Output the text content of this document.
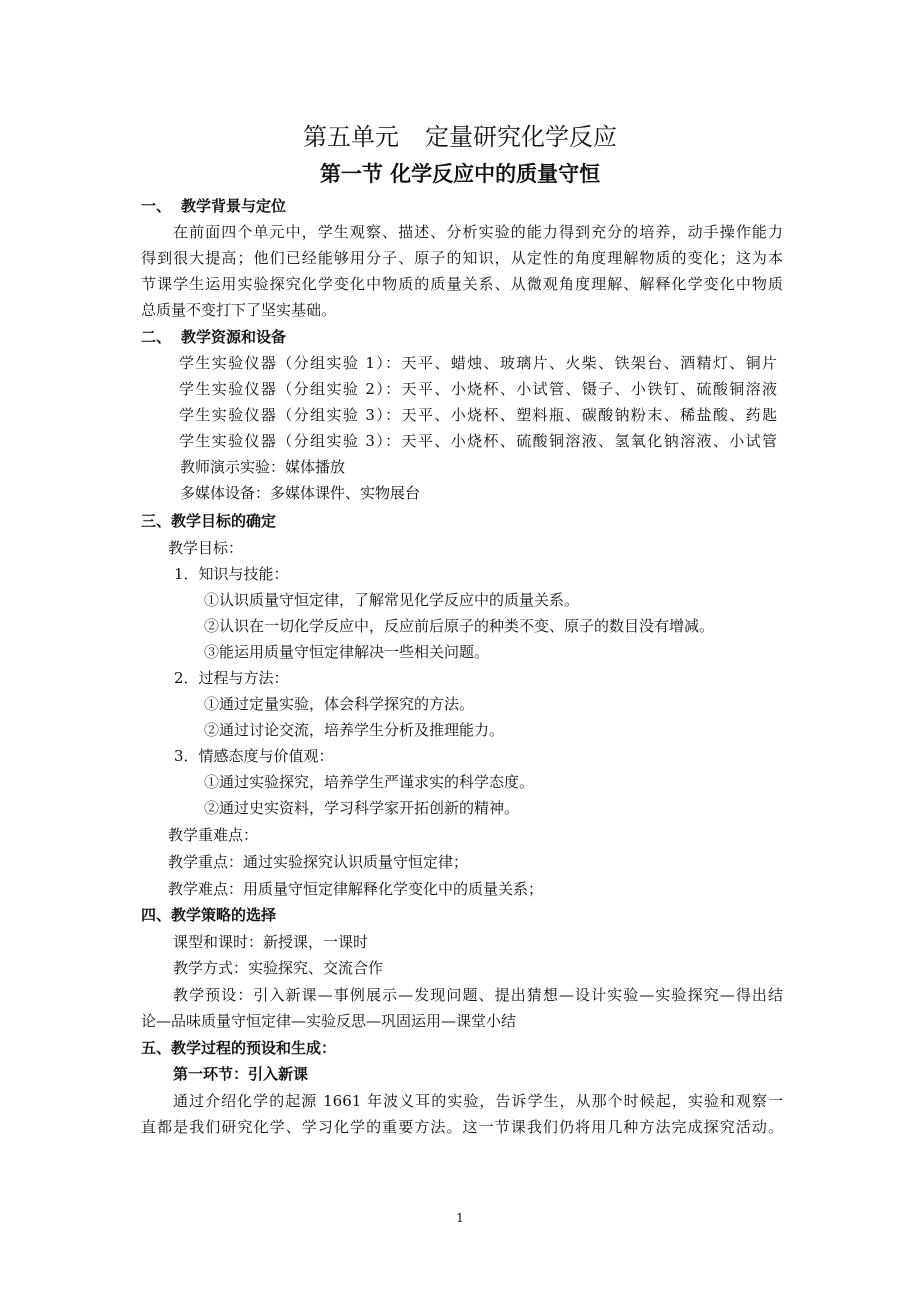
第五单元 定量研究化学反应
第一节 化学反应中的质量守恒
一、 教学背景与定位
在前面四个单元中，学生观察、描述、分析实验的能力得到充分的培养，动手操作能力
得到很大提高；他们已经能够用分子、原子的知识，从定性的角度理解物质的变化；这为本
节课学生运用实验探究化学变化中物质的质量关系、从微观角度理解、解释化学变化中物质
总质量不变打下了坚实基础。
二、 教学资源和设备
学生实验仪器（分组实验 1）：天平、蜡烛、玻璃片、火柴、铁架台、酒精灯、铜片
学生实验仪器（分组实验 2）：天平、小烧杯、小试管、镊子、小铁钉、硫酸铜溶液
学生实验仪器（分组实验 3）：天平、小烧杯、塑料瓶、碳酸钠粉末、稀盐酸、药匙
学生实验仪器（分组实验 3）：天平、小烧杯、硫酸铜溶液、氢氧化钠溶液、小试管
教师演示实验：媒体播放
多媒体设备：多媒体课件、实物展台
三、教学目标的确定
教学目标：
1．知识与技能：
①认识质量守恒定律，了解常见化学反应中的质量关系。
②认识在一切化学反应中，反应前后原子的种类不变、原子的数目没有增减。
③能运用质量守恒定律解决一些相关问题。
2．过程与方法：
①通过定量实验，体会科学探究的方法。
②通过讨论交流，培养学生分析及推理能力。
3．情感态度与价值观：
①通过实验探究，培养学生严谨求实的科学态度。
②通过史实资料，学习科学家开拓创新的精神。
教学重难点：
教学重点：通过实验探究认识质量守恒定律；
教学难点：用质量守恒定律解释化学变化中的质量关系；
四、教学策略的选择
课型和课时：新授课，一课时
教学方式：实验探究、交流合作
教学预设：引入新课—事例展示—发现问题、提出猜想—设计实验—实验探究—得出结
论—品味质量守恒定律—实验反思—巩固运用—课堂小结
五、教学过程的预设和生成：
第一环节：引入新课
通过介绍化学的起源 1661 年波义耳的实验，告诉学生，从那个时候起，实验和观察一
直都是我们研究化学、学习化学的重要方法。这一节课我们仍将用几种方法完成探究活动。
1
